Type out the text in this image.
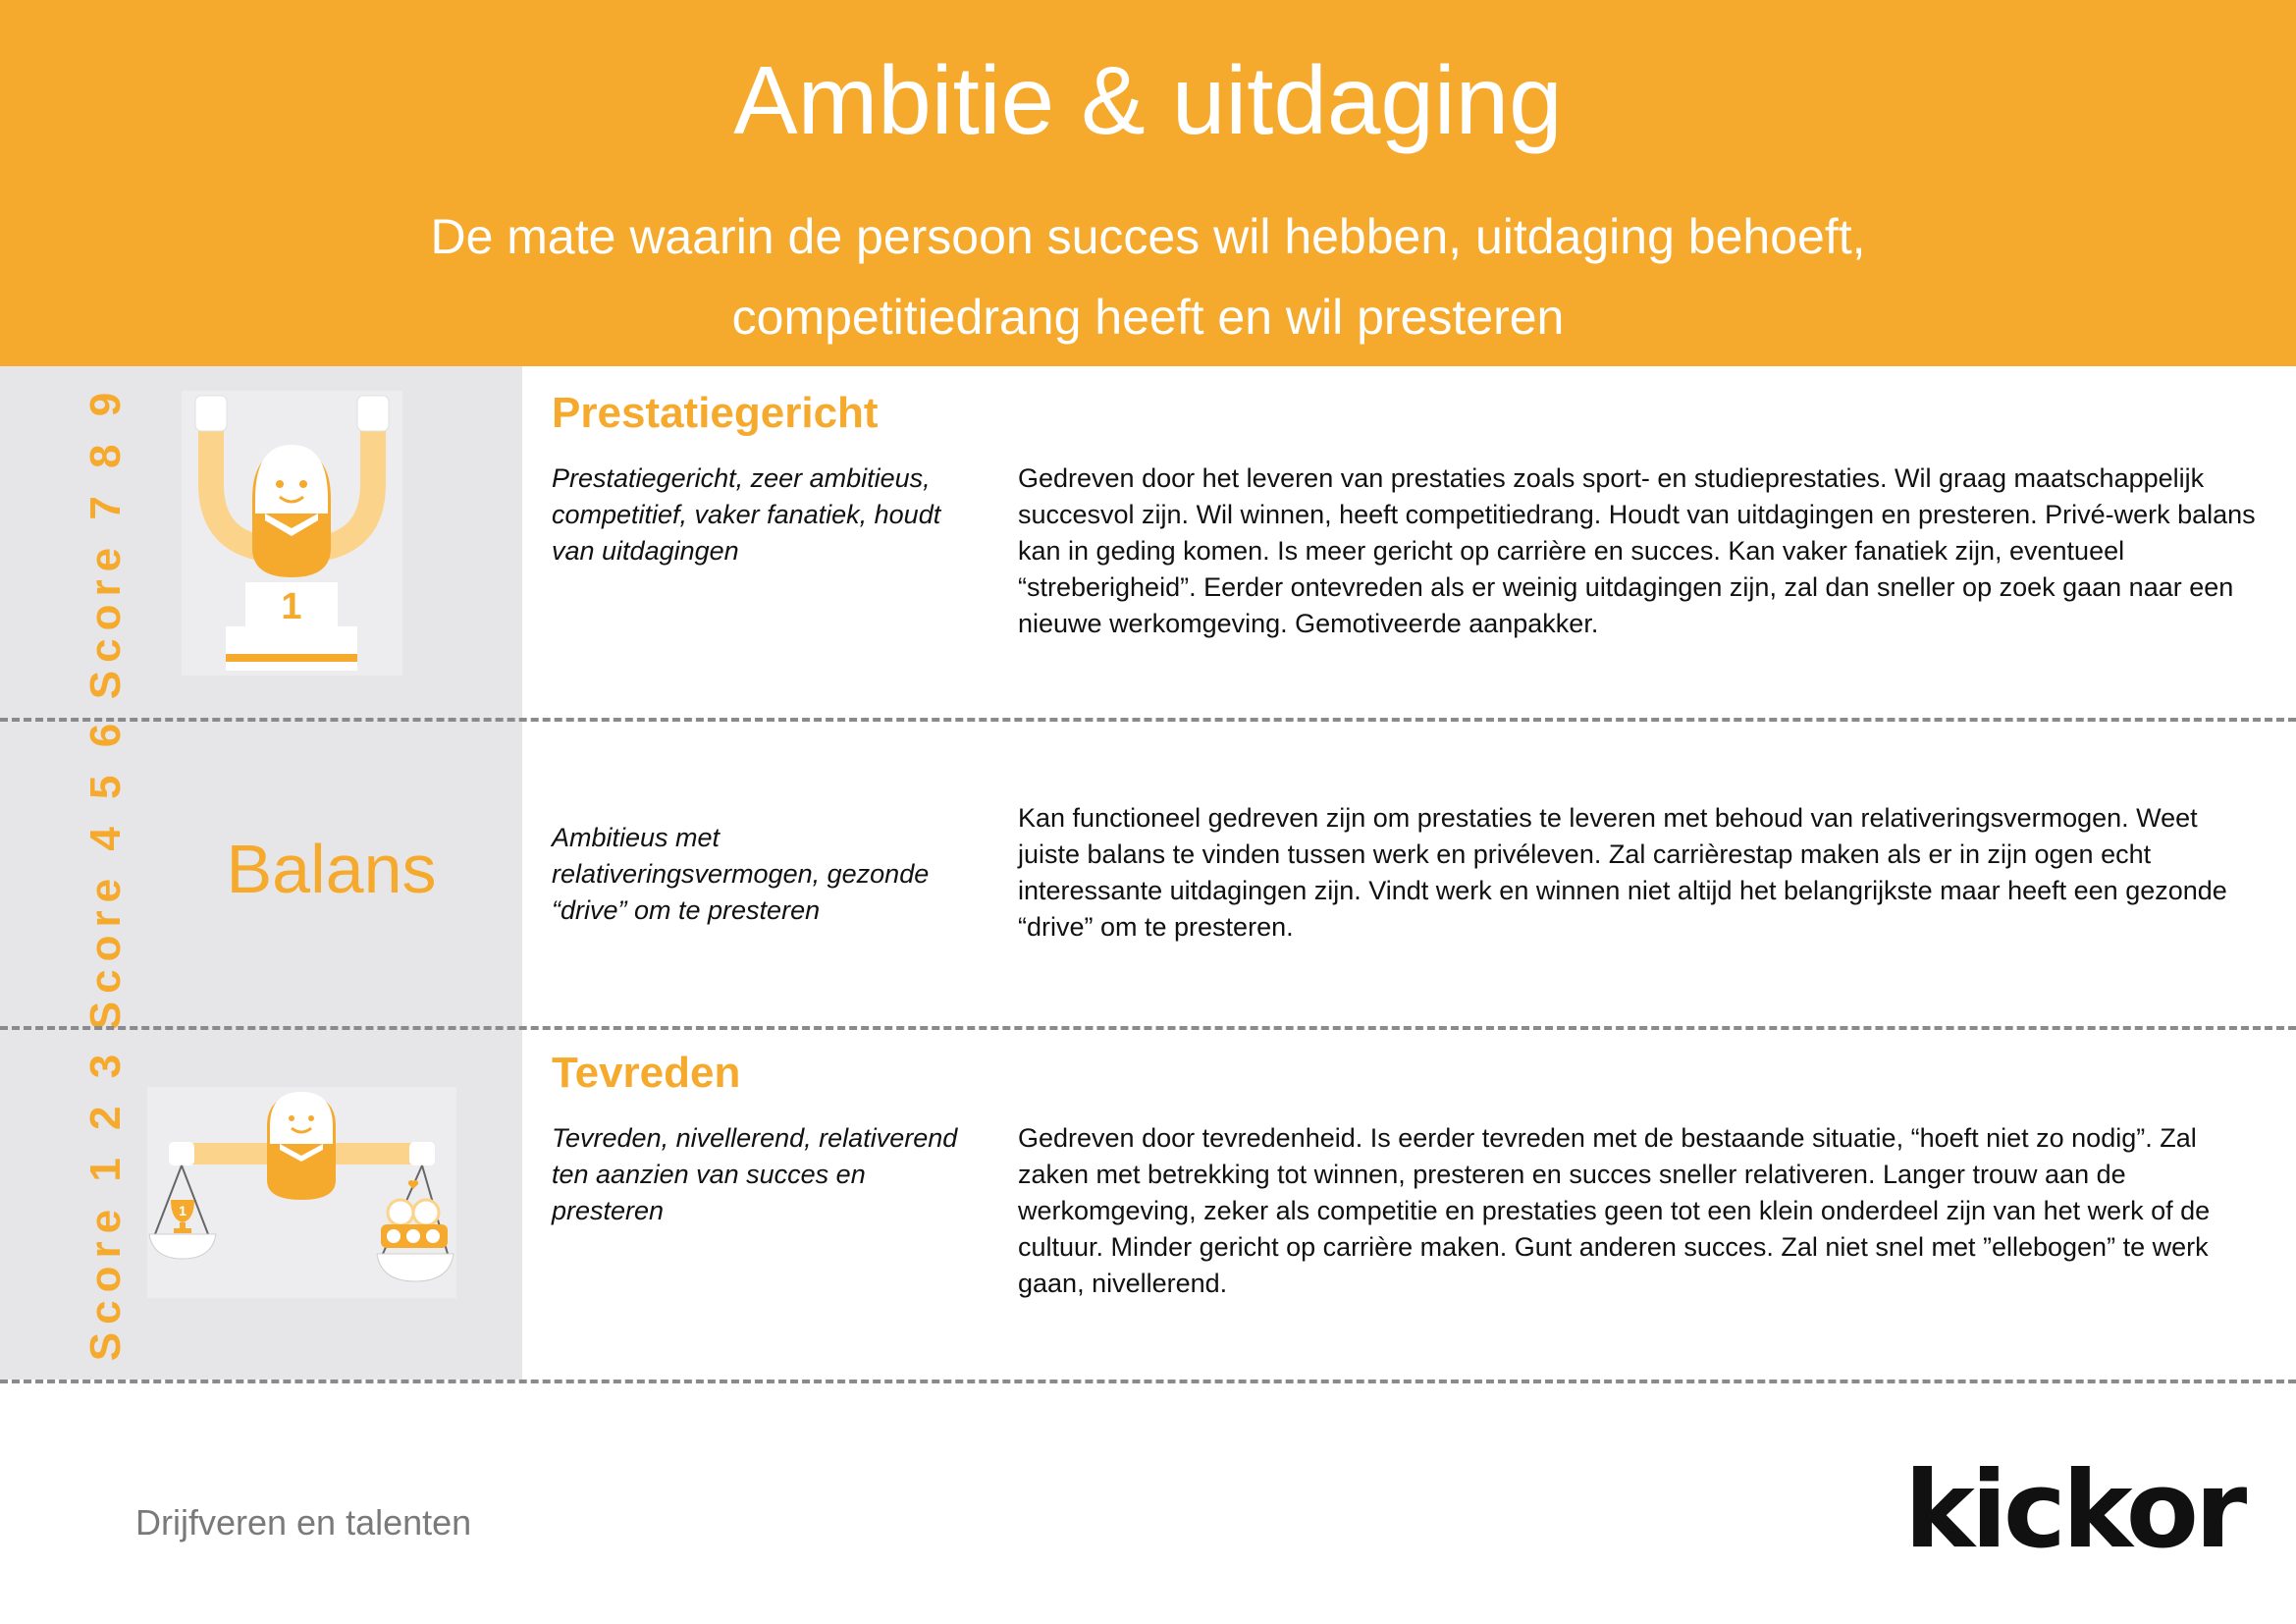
Ambitie & uitdaging
De mate waarin de persoon succes wil hebben, uitdaging behoeft,
competitiedrang heeft en wil presteren
Score 7 8 9	1
Prestatiegericht
Prestatiegericht, zeer ambitieus, competitief, vaker fanatiek, houdt van uitdagingen
Gedreven door het leveren van prestaties zoals sport- en studieprestaties. Wil graag maatschappelijk succesvol zijn. Wil winnen, heeft competitiedrang. Houdt van uitdagingen en presteren. Privé-werk balans kan in geding komen. Is meer gericht op carrière en succes. Kan vaker fanatiek zijn, eventueel “streberigheid”. Eerder ontevreden als er weinig uitdagingen zijn, zal dan sneller op zoek gaan naar een nieuwe werkomgeving. Gemotiveerde aanpakker.
Score 4 5 6	Balans	Ambitieus met relativeringsvermogen, gezonde “drive” om te presteren
Kan functioneel gedreven zijn om prestaties te leveren met behoud van relativeringsvermogen. Weet juiste balans te vinden tussen werk en privéleven. Zal carrièrestap maken als er in zijn ogen echt interessante uitdagingen zijn. Vindt werk en winnen niet altijd het belangrijkste maar heeft een gezonde “drive” om te presteren.
Score 1 2 3	1
Tevreden
Tevreden, nivellerend, relativerend ten aanzien van succes en presteren
Gedreven door tevredenheid. Is eerder tevreden met de bestaande situatie, “hoeft niet zo nodig”. Zal zaken met betrekking tot winnen, presteren en succes sneller relativeren. Langer trouw aan de werkomgeving, zeker als competitie en prestaties geen tot een klein onderdeel zijn van het werk of de cultuur. Minder gericht op carrière maken. Gunt anderen succes. Zal niet snel met ”ellebogen” te werk gaan, nivellerend.
Drijfveren en talenten	kickor
